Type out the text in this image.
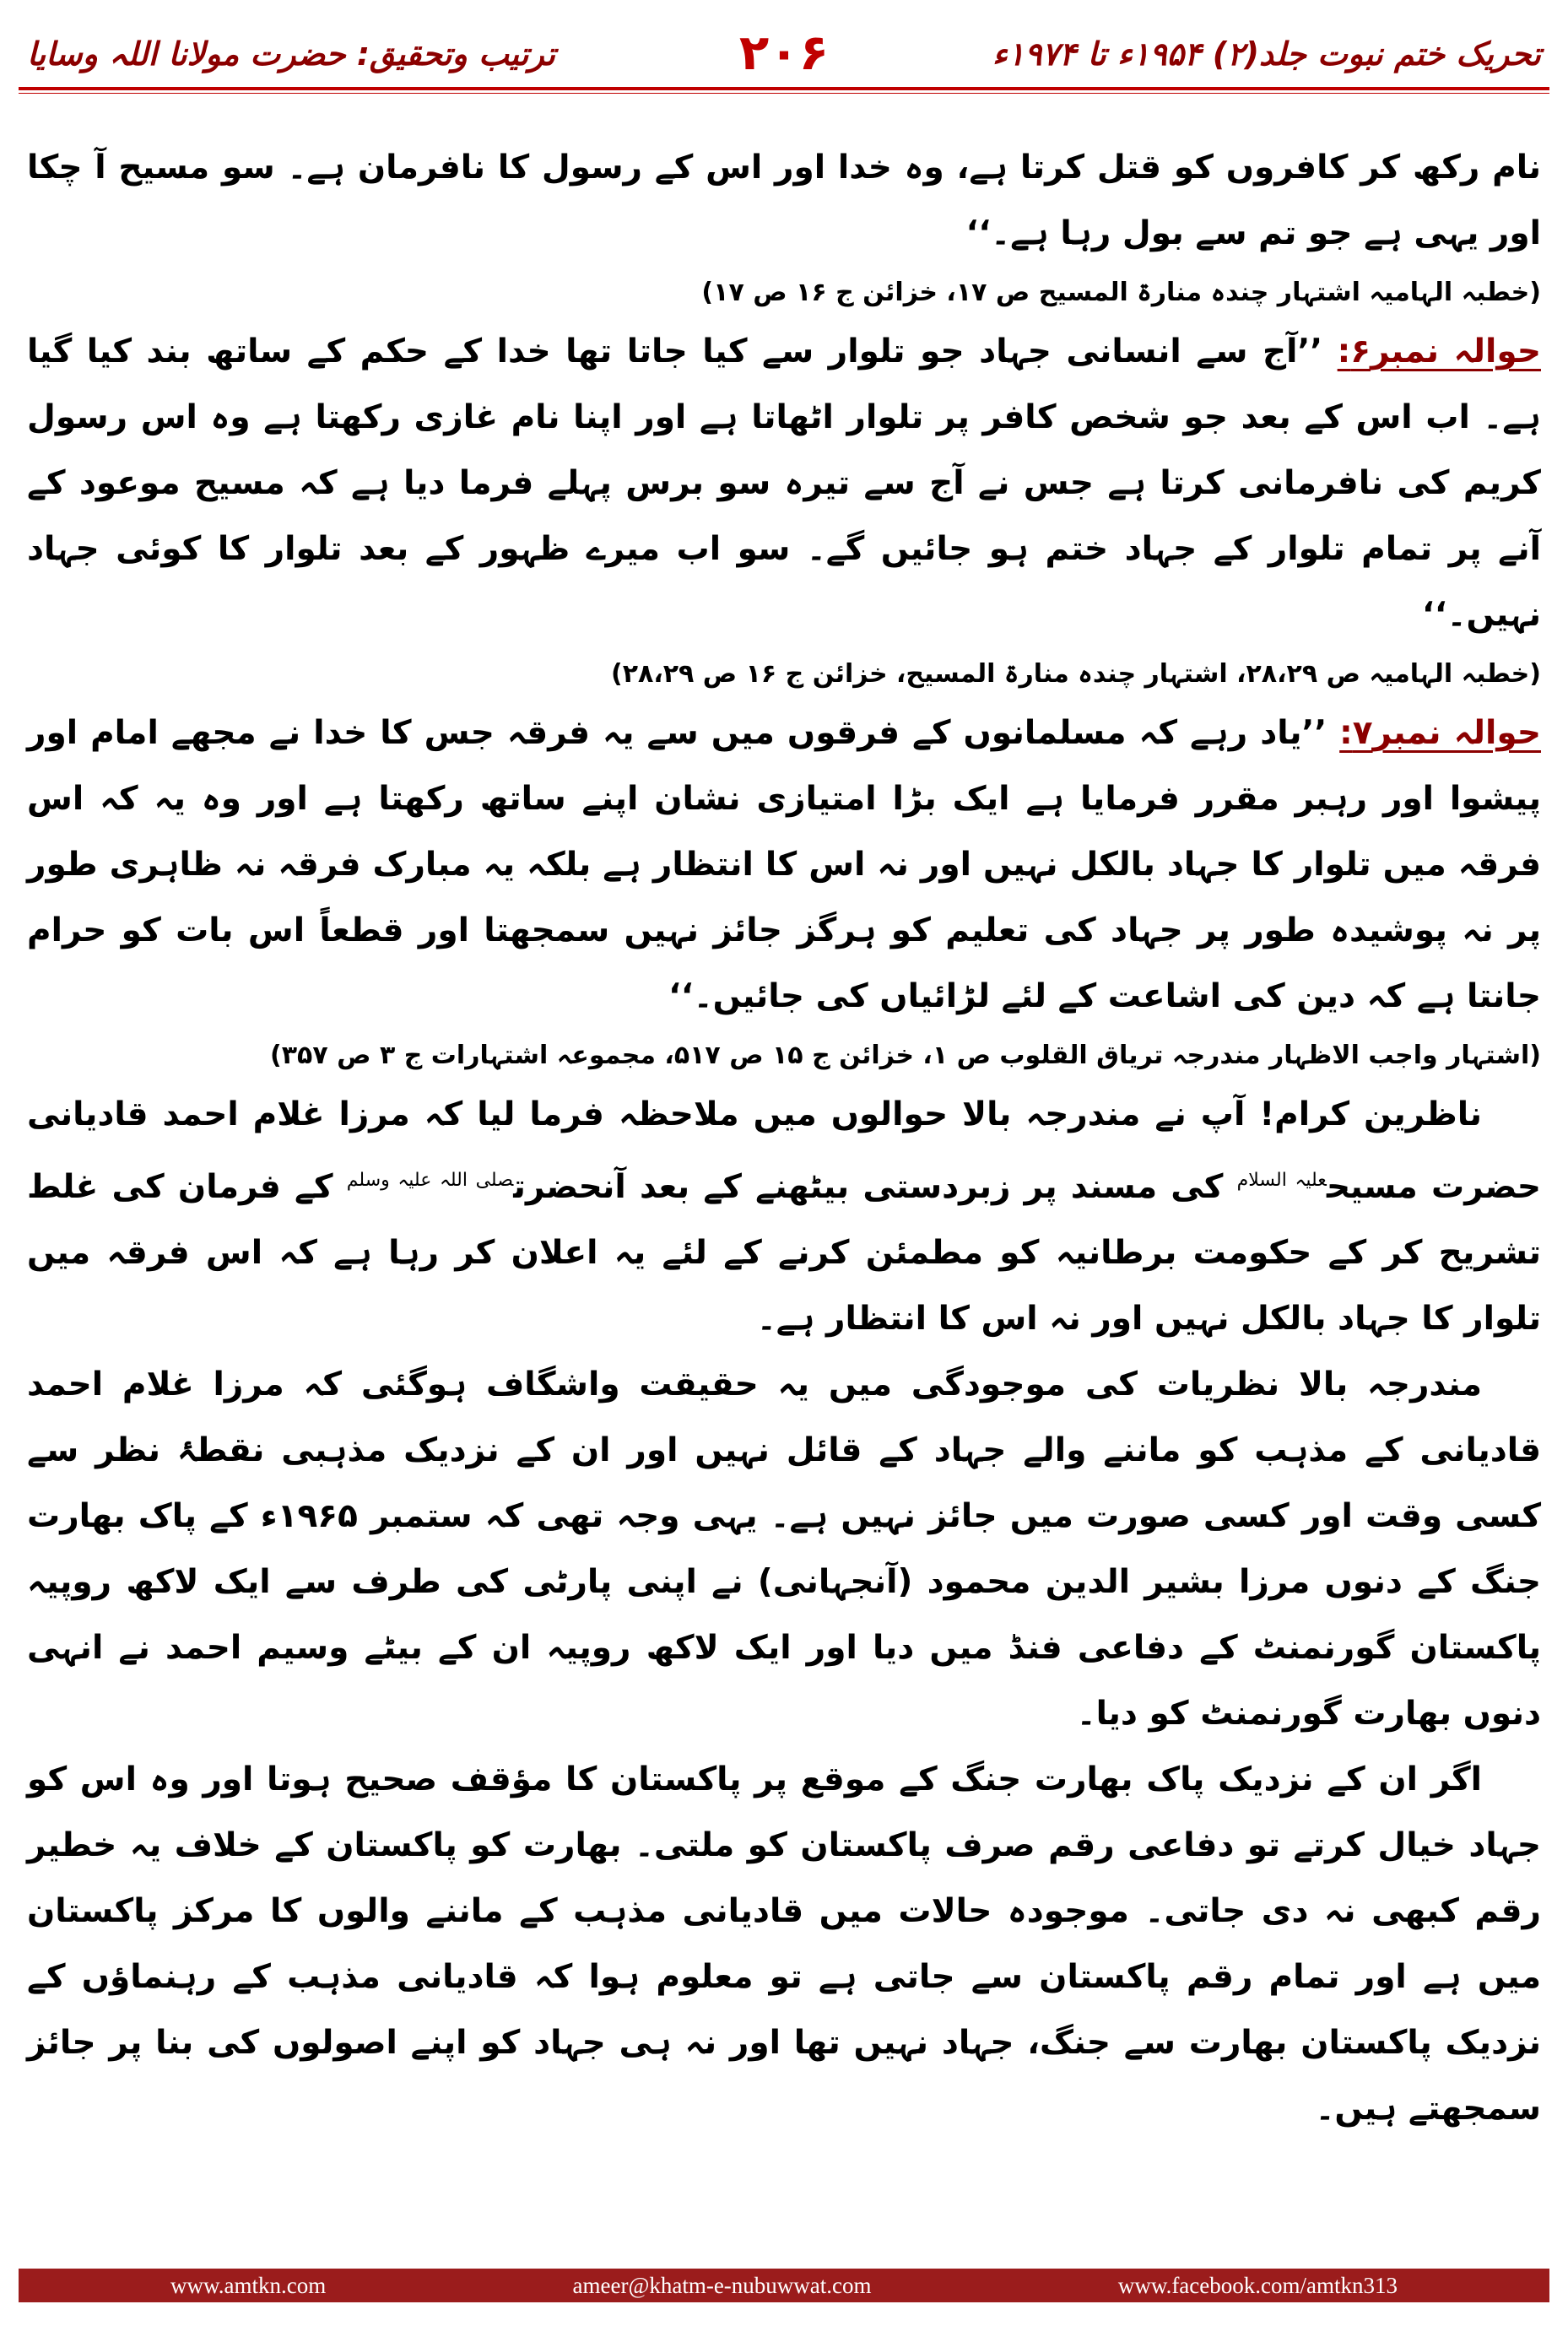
تحریک ختم نبوت جلد(۲) ۱۹۵۴ء تا ۱۹۷۴ء
۲۰۶
ترتیب وتحقیق: حضرت مولانا اللہ وسایا

نام رکھ کر کافروں کو قتل کرتا ہے، وہ خدا اور اس کے رسول کا نافرمان ہے۔ سو مسیح آ چکا اور یہی ہے جو تم سے بول رہا ہے۔‘‘

(خطبہ الہامیہ اشتہار چندہ منارۃ المسیح ص ۱۷، خزائن ج ۱۶ ص ۱۷)

حوالہ نمبر۶: ’’آج سے انسانی جہاد جو تلوار سے کیا جاتا تھا خدا کے حکم کے ساتھ بند کیا گیا ہے۔ اب اس کے بعد جو شخص کافر پر تلوار اٹھاتا ہے اور اپنا نام غازی رکھتا ہے وہ اس رسول کریم کی نافرمانی کرتا ہے جس نے آج سے تیرہ سو برس پہلے فرما دیا ہے کہ مسیح موعود کے آنے پر تمام تلوار کے جہاد ختم ہو جائیں گے۔ سو اب میرے ظہور کے بعد تلوار کا کوئی جہاد نہیں۔‘‘

(خطبہ الہامیہ ص ۲۸،۲۹، اشتہار چندہ منارۃ المسیح، خزائن ج ۱۶ ص ۲۸،۲۹)

حوالہ نمبر۷: ’’یاد رہے کہ مسلمانوں کے فرقوں میں سے یہ فرقہ جس کا خدا نے مجھے امام اور پیشوا اور رہبر مقرر فرمایا ہے ایک بڑا امتیازی نشان اپنے ساتھ رکھتا ہے اور وہ یہ کہ اس فرقہ میں تلوار کا جہاد بالکل نہیں اور نہ اس کا انتظار ہے بلکہ یہ مبارک فرقہ نہ ظاہری طور پر نہ پوشیدہ طور پر جہاد کی تعلیم کو ہرگز جائز نہیں سمجھتا اور قطعاً اس بات کو حرام جانتا ہے کہ دین کی اشاعت کے لئے لڑائیاں کی جائیں۔‘‘

(اشتہار واجب الاظہار مندرجہ تریاق القلوب ص ۱، خزائن ج ۱۵ ص ۵۱۷، مجموعہ اشتہارات ج ۳ ص ۳۵۷)

ناظرین کرام! آپ نے مندرجہ بالا حوالوں میں ملاحظہ فرما لیا کہ مرزا غلام احمد قادیانی حضرت مسیح$^{علیہ السلام}$ کی مسند پر زبردستی بیٹھنے کے بعد آنحضرت$^{صلی اللہ علیہ وسلم}$ کے فرمان کی غلط تشریح کر کے حکومت برطانیہ کو مطمئن کرنے کے لئے یہ اعلان کر رہا ہے کہ اس فرقہ میں تلوار کا جہاد بالکل نہیں اور نہ اس کا انتظار ہے۔

مندرجہ بالا نظریات کی موجودگی میں یہ حقیقت واشگاف ہوگئی کہ مرزا غلام احمد قادیانی کے مذہب کو ماننے والے جہاد کے قائل نہیں اور ان کے نزدیک مذہبی نقطۂ نظر سے کسی وقت اور کسی صورت میں جائز نہیں ہے۔ یہی وجہ تھی کہ ستمبر ۱۹۶۵ء کے پاک بھارت جنگ کے دنوں مرزا بشیر الدین محمود (آنجہانی) نے اپنی پارٹی کی طرف سے ایک لاکھ روپیہ پاکستان گورنمنٹ کے دفاعی فنڈ میں دیا اور ایک لاکھ روپیہ ان کے بیٹے وسیم احمد نے انہی دنوں بھارت گورنمنٹ کو دیا۔

اگر ان کے نزدیک پاک بھارت جنگ کے موقع پر پاکستان کا مؤقف صحیح ہوتا اور وہ اس کو جہاد خیال کرتے تو دفاعی رقم صرف پاکستان کو ملتی۔ بھارت کو پاکستان کے خلاف یہ خطیر رقم کبھی نہ دی جاتی۔ موجودہ حالات میں قادیانی مذہب کے ماننے والوں کا مرکز پاکستان میں ہے اور تمام رقم پاکستان سے جاتی ہے تو معلوم ہوا کہ قادیانی مذہب کے رہنماؤں کے نزدیک پاکستان بھارت سے جنگ، جہاد نہیں تھا اور نہ ہی جہاد کو اپنے اصولوں کی بنا پر جائز سمجھتے ہیں۔

www.amtkn.com	ameer@khatm-e-nubuwwat.com	www.facebook.com/amtkn313
